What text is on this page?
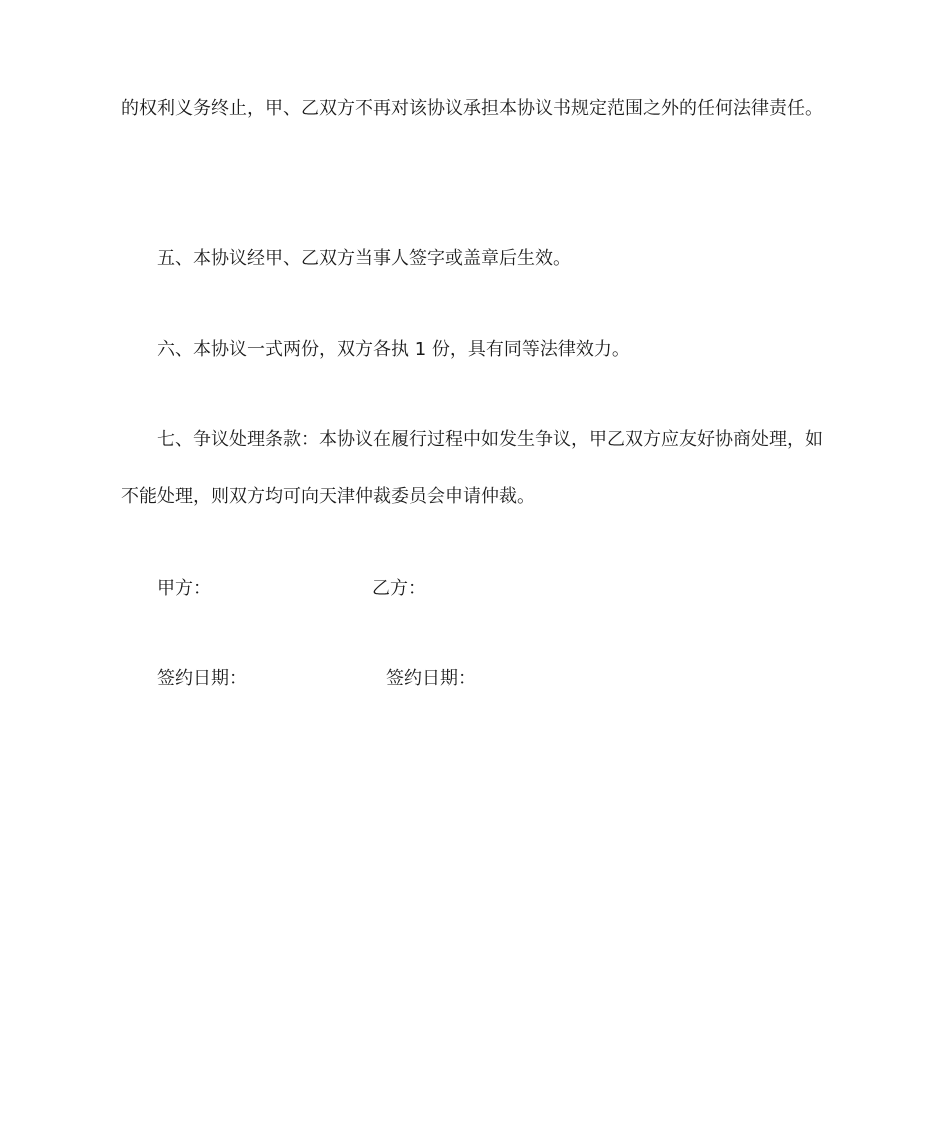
的权利义务终止，甲、乙双方不再对该协议承担本协议书规定范围之外的任何法律责任。
五、本协议经甲、乙双方当事人签字或盖章后生效。
六、本协议一式两份，双方各执 1 份，具有同等法律效力。
七、争议处理条款：本协议在履行过程中如发生争议，甲乙双方应友好协商处理，如
不能处理，则双方均可向天津仲裁委员会申请仲裁。
甲方：	乙方：
签约日期：	签约日期：
